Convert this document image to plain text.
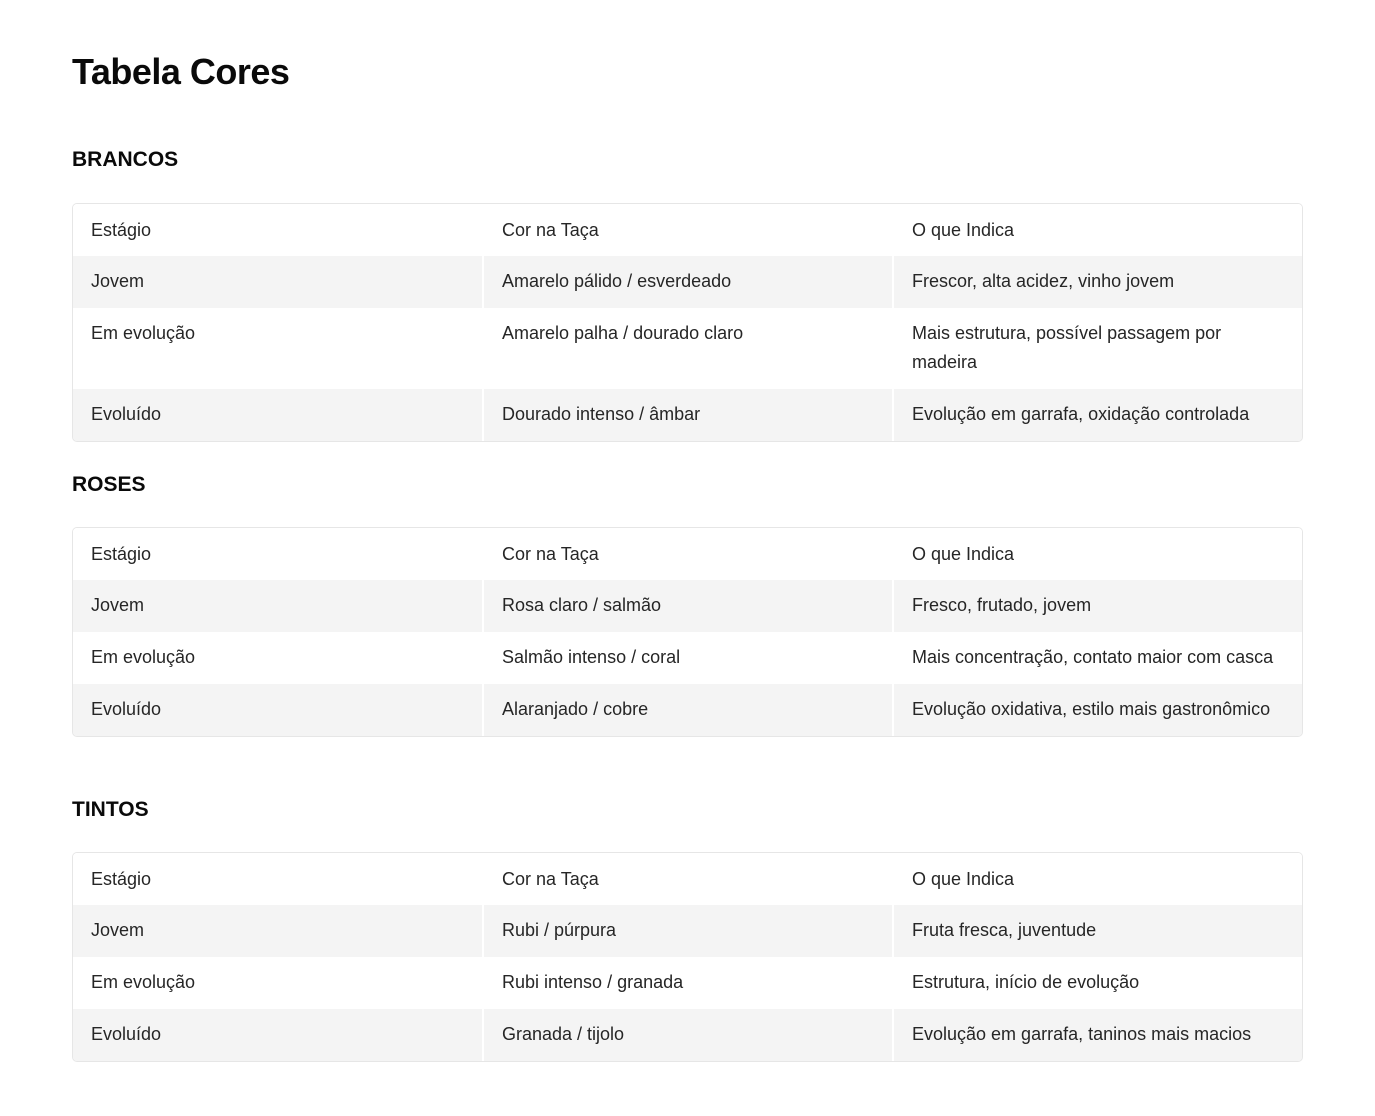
Tabela Cores
BRANCOS
Estágio	Cor na Taça	O que Indica
Jovem	Amarelo pálido / esverdeado	Frescor, alta acidez, vinho jovem
Em evolução	Amarelo palha / dourado claro	Mais estrutura, possível passagem por madeira
Evoluído	Dourado intenso / âmbar	Evolução em garrafa, oxidação controlada
ROSES
Estágio	Cor na Taça	O que Indica
Jovem	Rosa claro / salmão	Fresco, frutado, jovem
Em evolução	Salmão intenso / coral	Mais concentração, contato maior com casca
Evoluído	Alaranjado / cobre	Evolução oxidativa, estilo mais gastronômico
TINTOS
Estágio	Cor na Taça	O que Indica
Jovem	Rubi / púrpura	Fruta fresca, juventude
Em evolução	Rubi intenso / granada	Estrutura, início de evolução
Evoluído	Granada / tijolo	Evolução em garrafa, taninos mais macios
